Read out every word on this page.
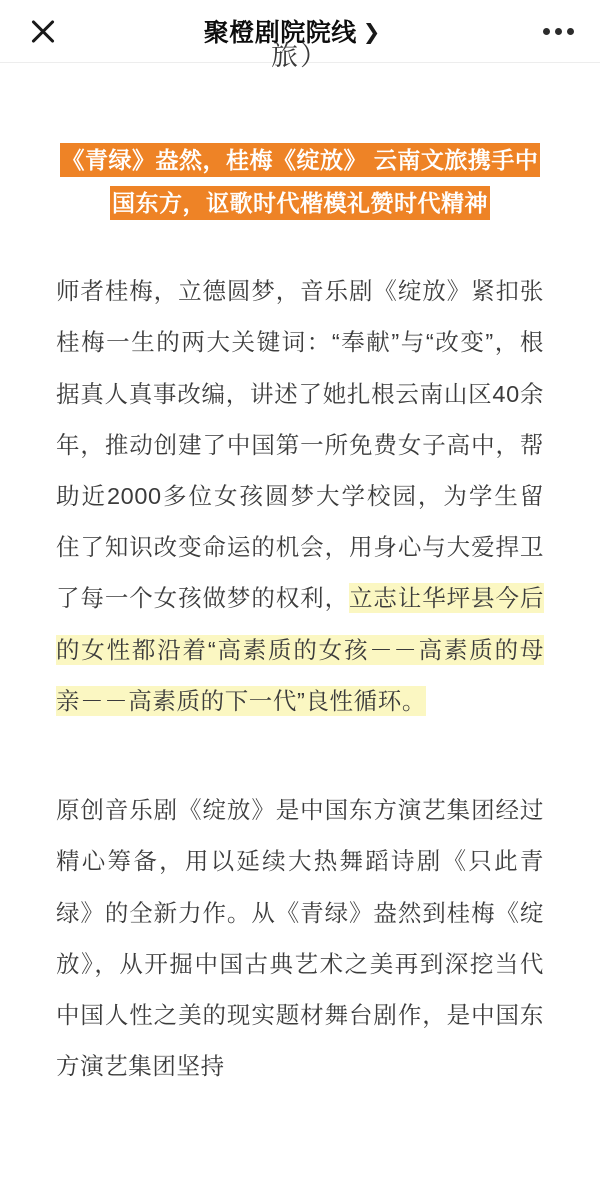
聚橙剧院院线 ❯
旅）
《青绿》盎然，桂梅《绽放》 云南文旅携手中国东方，讴歌时代楷模礼赞时代精神
师者桂梅，立德圆梦，音乐剧《绽放》紧扣张桂梅一生的两大关键词：“奉献”与“改变”，根据真人真事改编，讲述了她扎根云南山区40余年，推动创建了中国第一所免费女子高中，帮助近2000多位女孩圆梦大学校园，为学生留住了知识改变命运的机会，用身心与大爱捍卫了每一个女孩做梦的权利，立志让华坪县今后的女性都沿着“高素质的女孩－－高素质的母亲－－高素质的下一代”良性循环。
原创音乐剧《绽放》是中国东方演艺集团经过精心筹备，用以延续大热舞蹈诗剧《只此青绿》的全新力作。从《青绿》盎然到桂梅《绽放》，从开掘中国古典艺术之美再到深挖当代中国人性之美的现实题材舞台剧作，是中国东方演艺集团坚持
